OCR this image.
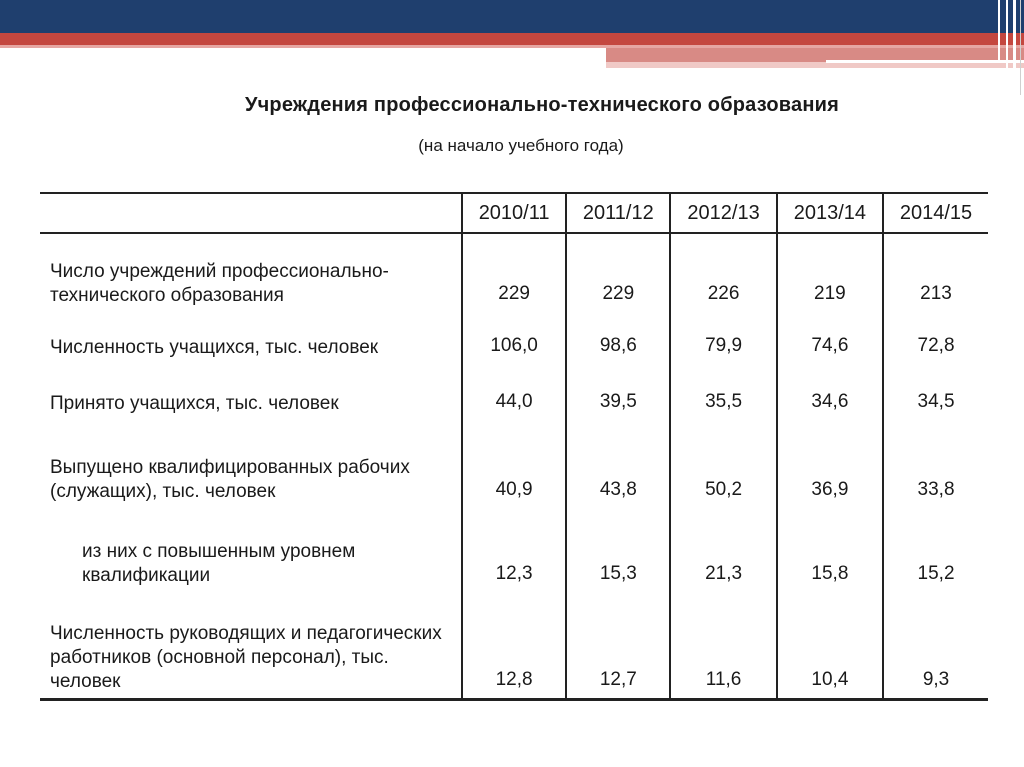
Учреждения профессионально-технического образования
(на начало учебного года)
	2010/11	2011/12	2012/13	2013/14	2014/15
Число учреждений профессионально-технического образования	229	229	226	219	213
Численность учащихся, тыс. человек	106,0	98,6	79,9	74,6	72,8
Принято учащихся, тыс. человек	44,0	39,5	35,5	34,6	34,5
Выпущено квалифицированных рабочих (служащих), тыс. человек	40,9	43,8	50,2	36,9	33,8
из них с повышенным уровнем квалификации	12,3	15,3	21,3	15,8	15,2
Численность руководящих и педагогических работников (основной персонал), тыс. человек	12,8	12,7	11,6	10,4	9,3
